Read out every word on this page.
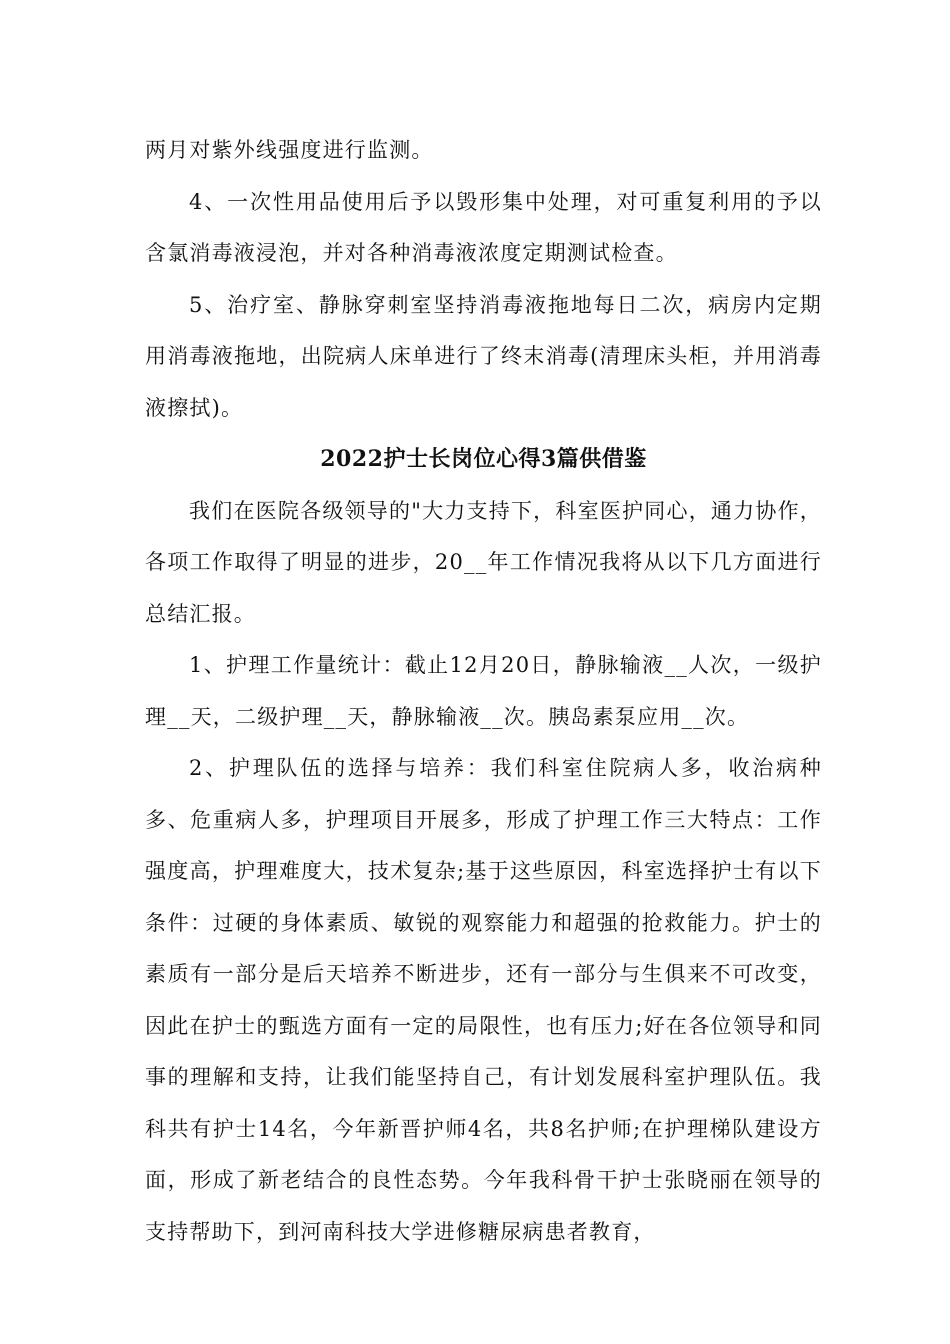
两月对紫外线强度进行监测。

4、一次性用品使用后予以毁形集中处理，对可重复利用的予以含氯消毒液浸泡，并对各种消毒液浓度定期测试检查。

5、治疗室、静脉穿刺室坚持消毒液拖地每日二次，病房内定期用消毒液拖地，出院病人床单进行了终末消毒(清理床头柜，并用消毒液擦拭)。

2022护士长岗位心得3篇供借鉴

我们在医院各级领导的"大力支持下，科室医护同心，通力协作，各项工作取得了明显的进步，20__年工作情况我将从以下几方面进行总结汇报。

1、护理工作量统计：截止12月20日，静脉输液__人次，一级护理__天，二级护理__天，静脉输液__次。胰岛素泵应用__次。

2、护理队伍的选择与培养：我们科室住院病人多，收治病种多、危重病人多，护理项目开展多，形成了护理工作三大特点：工作强度高，护理难度大，技术复杂;基于这些原因，科室选择护士有以下条件：过硬的身体素质、敏锐的观察能力和超强的抢救能力。护士的素质有一部分是后天培养不断进步，还有一部分与生俱来不可改变，因此在护士的甄选方面有一定的局限性，也有压力;好在各位领导和同事的理解和支持，让我们能坚持自己，有计划发展科室护理队伍。我科共有护士14名，今年新晋护师4名，共8名护师;在护理梯队建设方面，形成了新老结合的良性态势。今年我科骨干护士张晓丽在领导的支持帮助下，到河南科技大学进修糖尿病患者教育，
